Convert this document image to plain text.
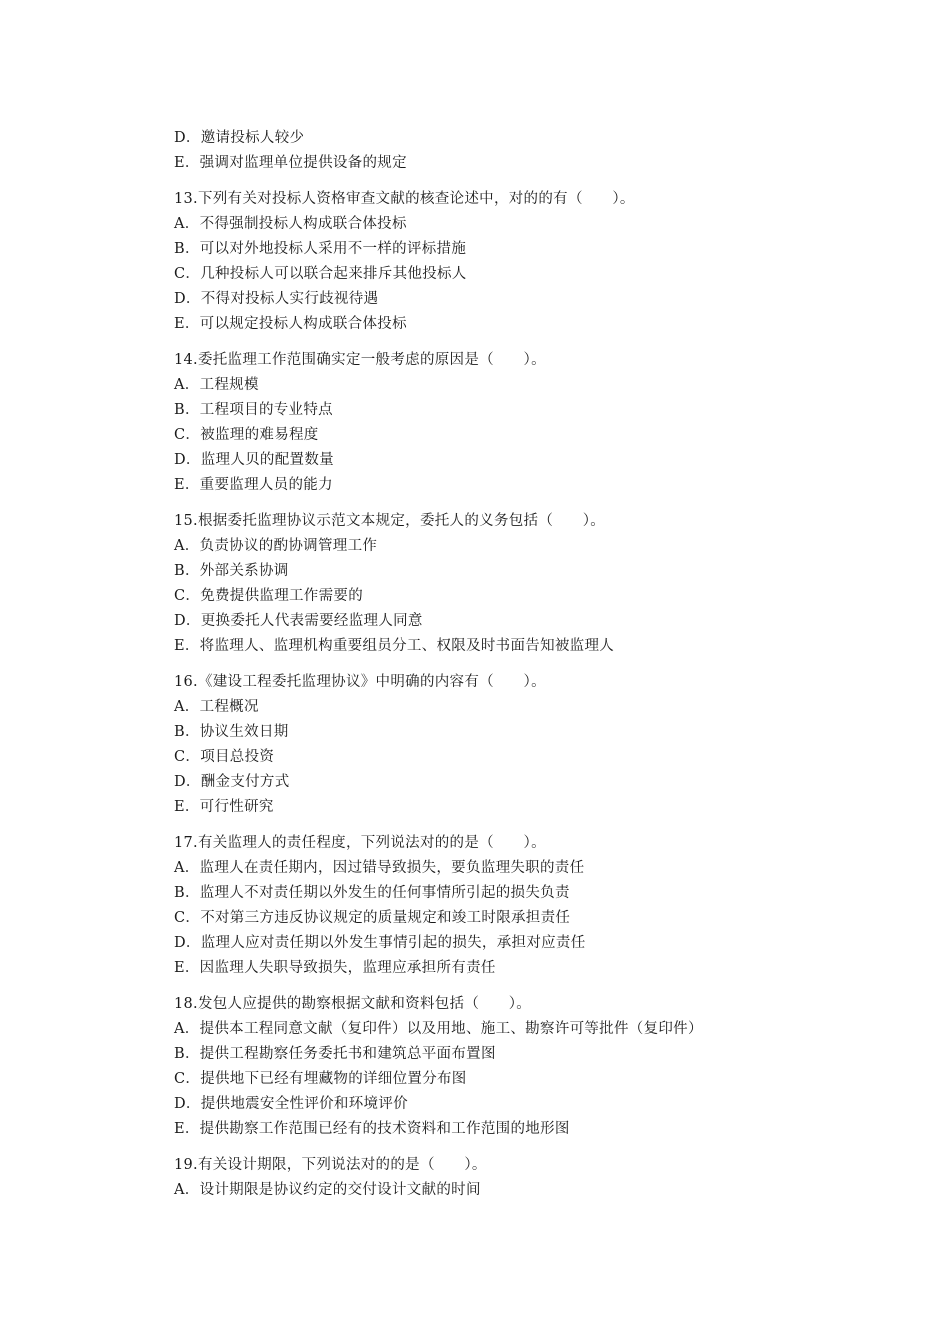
D．邀请投标人较少
E．强调对监理单位提供设备的规定
13.下列有关对投标人资格审查文献的核查论述中，对的的有（　　）。
A．不得强制投标人构成联合体投标
B．可以对外地投标人采用不一样的评标措施
C．几种投标人可以联合起来排斥其他投标人
D．不得对投标人实行歧视待遇
E．可以规定投标人构成联合体投标
14.委托监理工作范围确实定一般考虑的原因是（　　）。
A．工程规模
B．工程项目的专业特点
C．被监理的难易程度
D．监理人贝的配置数量
E．重要监理人员的能力
15.根据委托监理协议示范文本规定，委托人的义务包括（　　）。
A．负责协议的酌协调管理工作
B．外部关系协调
C．免费提供监理工作需要的
D．更换委托人代表需要经监理人同意
E．将监理人、监理机构重要组员分工、权限及时书面告知被监理人
16.《建设工程委托监理协议》中明确的内容有（　　）。
A．工程概况
B．协议生效日期
C．项目总投资
D．酬金支付方式
E．可行性研究
17.有关监理人的责任程度，下列说法对的的是（　　）。
A．监理人在责任期内，因过错导致损失，要负监理失职的责任
B．监理人不对责任期以外发生的任何事情所引起的损失负责
C．不对第三方违反协议规定的质量规定和竣工时限承担责任
D．监理人应对责任期以外发生事情引起的损失，承担对应责任
E．因监理人失职导致损失，监理应承担所有责任
18.发包人应提供的勘察根据文献和资料包括（　　）。
A．提供本工程同意文献（复印件）以及用地、施工、勘察许可等批件（复印件）
B．提供工程勘察任务委托书和建筑总平面布置图
C．提供地下已经有埋藏物的详细位置分布图
D．提供地震安全性评价和环境评价
E．提供勘察工作范围已经有的技术资料和工作范围的地形图
19.有关设计期限，下列说法对的的是（　　）。
A．设计期限是协议约定的交付设计文献的时间
